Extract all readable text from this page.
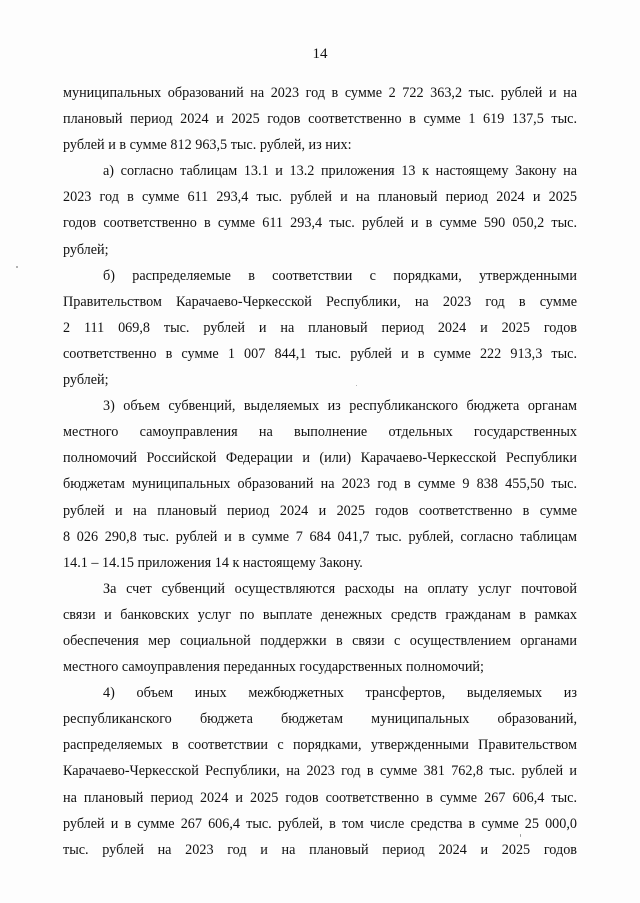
14
муниципальных образований на 2023 год в сумме 2 722 363,2 тыс. рублей и на
плановый период 2024 и 2025 годов соответственно в сумме 1 619 137,5 тыс.
рублей и в сумме 812 963,5 тыс. рублей, из них:
а) согласно таблицам 13.1 и 13.2 приложения 13 к настоящему Закону на
2023 год в сумме 611 293,4 тыс. рублей и на плановый период 2024 и 2025
годов соответственно в сумме 611 293,4 тыс. рублей и в сумме 590 050,2 тыс.
рублей;
б) распределяемые в соответствии с порядками, утвержденными
Правительством Карачаево-Черкесской Республики, на 2023 год в сумме
2 111 069,8 тыс. рублей и на плановый период 2024 и 2025 годов
соответственно в сумме 1 007 844,1 тыс. рублей и в сумме 222 913,3 тыс.
рублей;
3) объем субвенций, выделяемых из республиканского бюджета органам
местного самоуправления на выполнение отдельных государственных
полномочий Российской Федерации и (или) Карачаево-Черкесской Республики
бюджетам муниципальных образований на 2023 год в сумме 9 838 455,50 тыс.
рублей и на плановый период 2024 и 2025 годов соответственно в сумме
8 026 290,8 тыс. рублей и в сумме 7 684 041,7 тыс. рублей, согласно таблицам
14.1 – 14.15 приложения 14 к настоящему Закону.
За счет субвенций осуществляются расходы на оплату услуг почтовой
связи и банковских услуг по выплате денежных средств гражданам в рамках
обеспечения мер социальной поддержки в связи с осуществлением органами
местного самоуправления переданных государственных полномочий;
4) объем иных межбюджетных трансфертов, выделяемых из
республиканского бюджета бюджетам муниципальных образований,
распределяемых в соответствии с порядками, утвержденными Правительством
Карачаево-Черкесской Республики, на 2023 год в сумме 381 762,8 тыс. рублей и
на плановый период 2024 и 2025 годов соответственно в сумме 267 606,4 тыс.
рублей и в сумме 267 606,4 тыс. рублей, в том числе средства в сумме 25 000,0
тыс. рублей на 2023 год и на плановый период 2024 и 2025 годов
